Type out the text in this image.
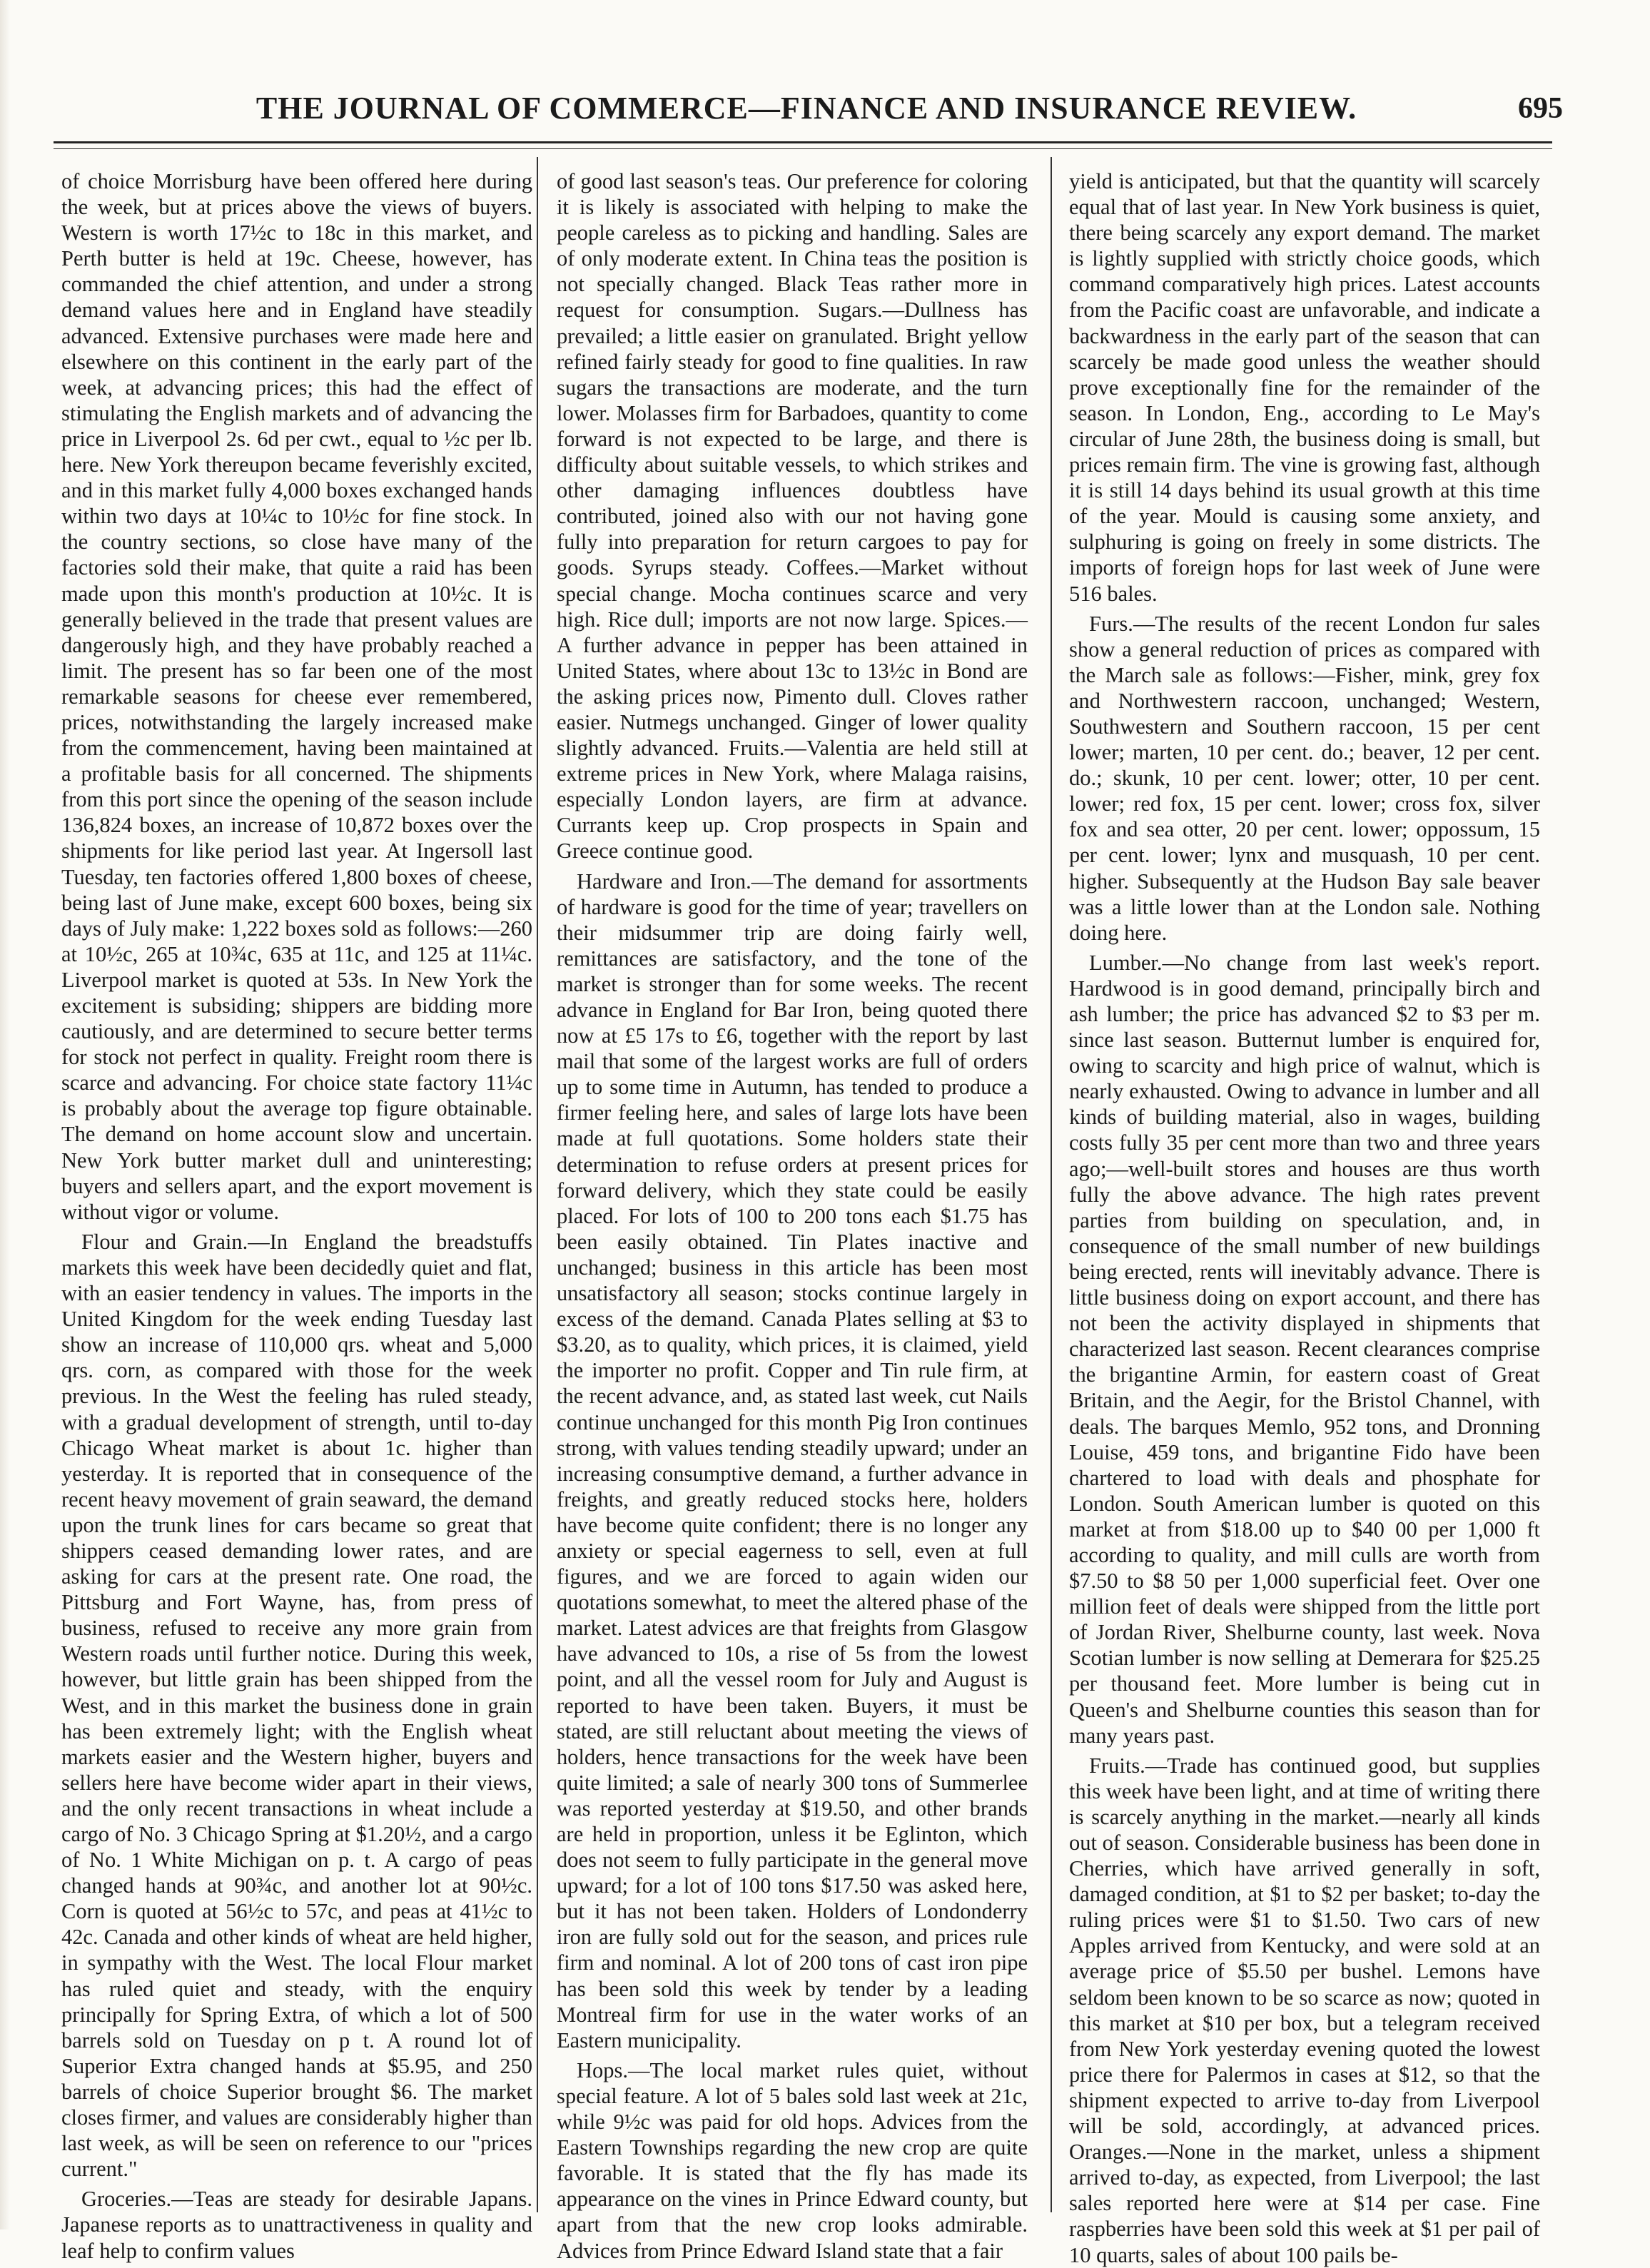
THE JOURNAL OF COMMERCE—FINANCE AND INSURANCE REVIEW.	695

of choice Morrisburg have been offered here during the week, but at prices above the views of buyers. Western is worth 17½c to 18c in this market, and Perth butter is held at 19c. Cheese, however, has commanded the chief attention, and under a strong demand values here and in England have steadily advanced. Extensive purchases were made here and elsewhere on this continent in the early part of the week, at advancing prices; this had the effect of stimulating the English markets and of advancing the price in Liverpool 2s. 6d per cwt., equal to ½c per lb. here. New York thereupon became feverishly excited, and in this market fully 4,000 boxes exchanged hands within two days at 10¼c to 10½c for fine stock. In the country sections, so close have many of the factories sold their make, that quite a raid has been made upon this month's production at 10½c. It is generally believed in the trade that present values are dangerously high, and they have probably reached a limit. The present has so far been one of the most remarkable seasons for cheese ever remembered, prices, notwithstanding the largely increased make from the commencement, having been maintained at a profitable basis for all concerned. The shipments from this port since the opening of the season include 136,824 boxes, an increase of 10,872 boxes over the shipments for like period last year. At Ingersoll last Tuesday, ten factories offered 1,800 boxes of cheese, being last of June make, except 600 boxes, being six days of July make: 1,222 boxes sold as follows:—260 at 10½c, 265 at 10¾c, 635 at 11c, and 125 at 11¼c. Liverpool market is quoted at 53s. In New York the excitement is subsiding; shippers are bidding more cautiously, and are determined to secure better terms for stock not perfect in quality. Freight room there is scarce and advancing. For choice state factory 11¼c is probably about the average top figure obtainable. The demand on home account slow and uncertain. New York butter market dull and uninteresting; buyers and sellers apart, and the export movement is without vigor or volume.

Flour and Grain.—In England the breadstuffs markets this week have been decidedly quiet and flat, with an easier tendency in values. The imports in the United Kingdom for the week ending Tuesday last show an increase of 110,000 qrs. wheat and 5,000 qrs. corn, as compared with those for the week previous. In the West the feeling has ruled steady, with a gradual development of strength, until to-day Chicago Wheat market is about 1c. higher than yesterday. It is reported that in consequence of the recent heavy movement of grain seaward, the demand upon the trunk lines for cars became so great that shippers ceased demanding lower rates, and are asking for cars at the present rate. One road, the Pittsburg and Fort Wayne, has, from press of business, refused to receive any more grain from Western roads until further notice. During this week, however, but little grain has been shipped from the West, and in this market the business done in grain has been extremely light; with the English wheat markets easier and the Western higher, buyers and sellers here have become wider apart in their views, and the only recent transactions in wheat include a cargo of No. 3 Chicago Spring at $1.20½, and a cargo of No. 1 White Michigan on p. t. A cargo of peas changed hands at 90¾c, and another lot at 90½c. Corn is quoted at 56½c to 57c, and peas at 41½c to 42c. Canada and other kinds of wheat are held higher, in sympathy with the West. The local Flour market has ruled quiet and steady, with the enquiry principally for Spring Extra, of which a lot of 500 barrels sold on Tuesday on p t. A round lot of Superior Extra changed hands at $5.95, and 250 barrels of choice Superior brought $6. The market closes firmer, and values are considerably higher than last week, as will be seen on reference to our "prices current."

Groceries.—Teas are steady for desirable Japans. Japanese reports as to unattractiveness in quality and leaf help to confirm values

of good last season's teas. Our preference for coloring it is likely is associated with helping to make the people careless as to picking and handling. Sales are of only moderate extent. In China teas the position is not specially changed. Black Teas rather more in request for consumption. Sugars.—Dullness has prevailed; a little easier on granulated. Bright yellow refined fairly steady for good to fine qualities. In raw sugars the transactions are moderate, and the turn lower. Molasses firm for Barbadoes, quantity to come forward is not expected to be large, and there is difficulty about suitable vessels, to which strikes and other damaging influences doubtless have contributed, joined also with our not having gone fully into preparation for return cargoes to pay for goods. Syrups steady. Coffees.—Market without special change. Mocha continues scarce and very high. Rice dull; imports are not now large. Spices.—A further advance in pepper has been attained in United States, where about 13c to 13½c in Bond are the asking prices now, Pimento dull. Cloves rather easier. Nutmegs unchanged. Ginger of lower quality slightly advanced. Fruits.—Valentia are held still at extreme prices in New York, where Malaga raisins, especially London layers, are firm at advance. Currants keep up. Crop prospects in Spain and Greece continue good.

Hardware and Iron.—The demand for assortments of hardware is good for the time of year; travellers on their midsummer trip are doing fairly well, remittances are satisfactory, and the tone of the market is stronger than for some weeks. The recent advance in England for Bar Iron, being quoted there now at £5 17s to £6, together with the report by last mail that some of the largest works are full of orders up to some time in Autumn, has tended to produce a firmer feeling here, and sales of large lots have been made at full quotations. Some holders state their determination to refuse orders at present prices for forward delivery, which they state could be easily placed. For lots of 100 to 200 tons each $1.75 has been easily obtained. Tin Plates inactive and unchanged; business in this article has been most unsatisfactory all season; stocks continue largely in excess of the demand. Canada Plates selling at $3 to $3.20, as to quality, which prices, it is claimed, yield the importer no profit. Copper and Tin rule firm, at the recent advance, and, as stated last week, cut Nails continue unchanged for this month Pig Iron continues strong, with values tending steadily upward; under an increasing consumptive demand, a further advance in freights, and greatly reduced stocks here, holders have become quite confident; there is no longer any anxiety or special eagerness to sell, even at full figures, and we are forced to again widen our quotations somewhat, to meet the altered phase of the market. Latest advices are that freights from Glasgow have advanced to 10s, a rise of 5s from the lowest point, and all the vessel room for July and August is reported to have been taken. Buyers, it must be stated, are still reluctant about meeting the views of holders, hence transactions for the week have been quite limited; a sale of nearly 300 tons of Summerlee was reported yesterday at $19.50, and other brands are held in proportion, unless it be Eglinton, which does not seem to fully participate in the general move upward; for a lot of 100 tons $17.50 was asked here, but it has not been taken. Holders of Londonderry iron are fully sold out for the season, and prices rule firm and nominal. A lot of 200 tons of cast iron pipe has been sold this week by tender by a leading Montreal firm for use in the water works of an Eastern municipality.

Hops.—The local market rules quiet, without special feature. A lot of 5 bales sold last week at 21c, while 9½c was paid for old hops. Advices from the Eastern Townships regarding the new crop are quite favorable. It is stated that the fly has made its appearance on the vines in Prince Edward county, but apart from that the new crop looks admirable. Advices from Prince Edward Island state that a fair

yield is anticipated, but that the quantity will scarcely equal that of last year. In New York business is quiet, there being scarcely any export demand. The market is lightly supplied with strictly choice goods, which command comparatively high prices. Latest accounts from the Pacific coast are unfavorable, and indicate a backwardness in the early part of the season that can scarcely be made good unless the weather should prove exceptionally fine for the remainder of the season. In London, Eng., according to Le May's circular of June 28th, the business doing is small, but prices remain firm. The vine is growing fast, although it is still 14 days behind its usual growth at this time of the year. Mould is causing some anxiety, and sulphuring is going on freely in some districts. The imports of foreign hops for last week of June were 516 bales.

Furs.—The results of the recent London fur sales show a general reduction of prices as compared with the March sale as follows:—Fisher, mink, grey fox and Northwestern raccoon, unchanged; Western, Southwestern and Southern raccoon, 15 per cent lower; marten, 10 per cent. do.; beaver, 12 per cent. do.; skunk, 10 per cent. lower; otter, 10 per cent. lower; red fox, 15 per cent. lower; cross fox, silver fox and sea otter, 20 per cent. lower; oppossum, 15 per cent. lower; lynx and musquash, 10 per cent. higher. Subsequently at the Hudson Bay sale beaver was a little lower than at the London sale. Nothing doing here.

Lumber.—No change from last week's report. Hardwood is in good demand, principally birch and ash lumber; the price has advanced $2 to $3 per m. since last season. Butternut lumber is enquired for, owing to scarcity and high price of walnut, which is nearly exhausted. Owing to advance in lumber and all kinds of building material, also in wages, building costs fully 35 per cent more than two and three years ago;—well-built stores and houses are thus worth fully the above advance. The high rates prevent parties from building on speculation, and, in consequence of the small number of new buildings being erected, rents will inevitably advance. There is little business doing on export account, and there has not been the activity displayed in shipments that characterized last season. Recent clearances comprise the brigantine Armin, for eastern coast of Great Britain, and the Aegir, for the Bristol Channel, with deals. The barques Memlo, 952 tons, and Dronning Louise, 459 tons, and brigantine Fido have been chartered to load with deals and phosphate for London. South American lumber is quoted on this market at from $18.00 up to $40 00 per 1,000 ft according to quality, and mill culls are worth from $7.50 to $8 50 per 1,000 superficial feet. Over one million feet of deals were shipped from the little port of Jordan River, Shelburne county, last week. Nova Scotian lumber is now selling at Demerara for $25.25 per thousand feet. More lumber is being cut in Queen's and Shelburne counties this season than for many years past.

Fruits.—Trade has continued good, but supplies this week have been light, and at time of writing there is scarcely anything in the market.—nearly all kinds out of season. Considerable business has been done in Cherries, which have arrived generally in soft, damaged condition, at $1 to $2 per basket; to-day the ruling prices were $1 to $1.50. Two cars of new Apples arrived from Kentucky, and were sold at an average price of $5.50 per bushel. Lemons have seldom been known to be so scarce as now; quoted in this market at $10 per box, but a telegram received from New York yesterday evening quoted the lowest price there for Palermos in cases at $12, so that the shipment expected to arrive to-day from Liverpool will be sold, accordingly, at advanced prices. Oranges.—None in the market, unless a shipment arrived to-day, as expected, from Liverpool; the last sales reported here were at $14 per case. Fine raspberries have been sold this week at $1 per pail of 10 quarts, sales of about 100 pails be-
